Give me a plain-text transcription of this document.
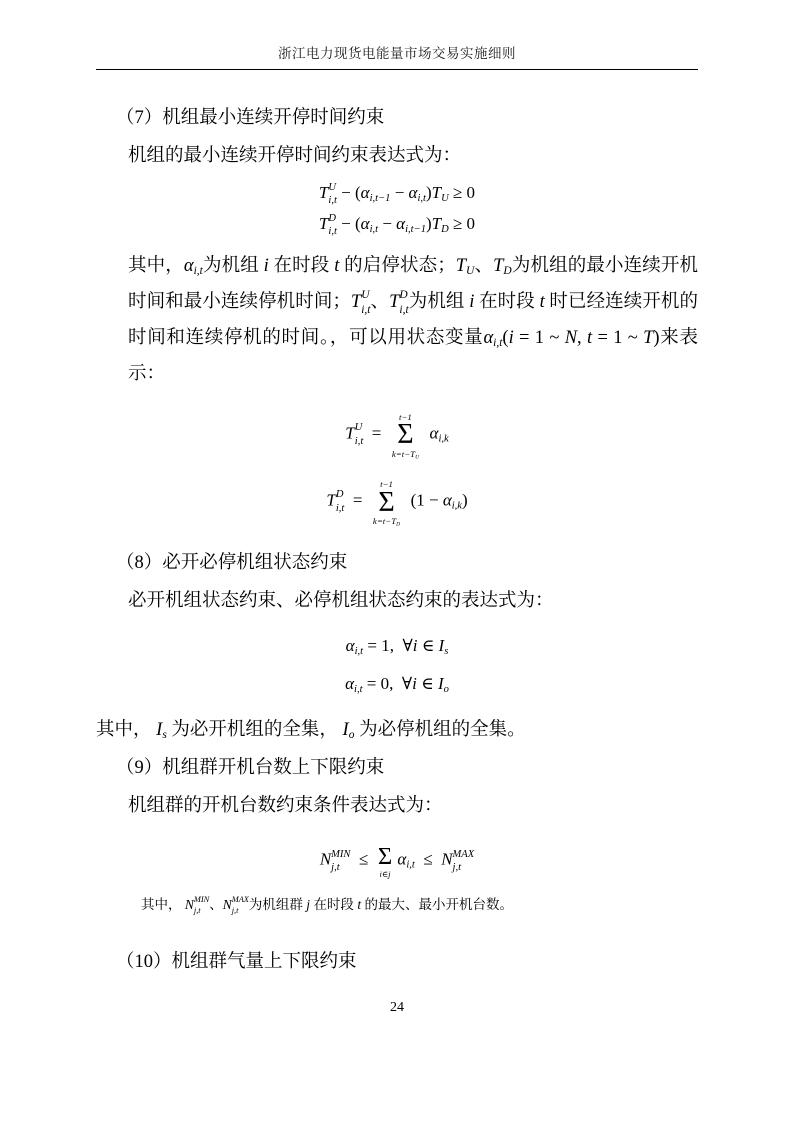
浙江电力现货电能量市场交易实施细则

（7）机组最小连续开停时间约束

机组的最小连续开停时间约束表达式为：

T U
$i,t - (\alpha_{i,t-1} - \alpha_{i,t})T_U \ge 0$
T D
$i,t - (\alpha_{i,t} - \alpha_{i,t-1})T_D \ge 0$

其中，$\alpha_{i,t}$为机组 i 在时段 t 的启停状态；$T_U$、$T_D$为机组的最小连续开机时间和最小连续停机时间；T U
i,t 、T D
i,t 为机组 i 在时段 t 时已经连续开机的时间和连续停机的时间。，可以用状态变量$\alpha_{i,t}(i = 1$ ~ N, t = 1 ~ T)来表示：

T U
i,t =
t−1
Σ
$k=t-T_U$
$\alpha_{i,k}$
T D
i,t =
t−1
Σ
$k=t-T_D$
$(1 - \alpha_{i,k})$

（8）必开必停机组状态约束

必开机组状态约束、必停机组状态约束的表达式为：

$\alpha_{i,t} = 1$,  ∀i ∈ $I_s$
$\alpha_{i,t} = 0$,  ∀i ∈ $I_o$

其中， $I_s$ 为必开机组的全集， $I_o$ 为必停机组的全集。

（9）机组群开机台数上下限约束

机组群的开机台数约束条件表达式为：

N MIN
j,t ≤ Σ
i∈j
$\alpha_{i,t} \le N$ MAX
j,t

其中， N MIN
j,t 、N MAX
j,t 为机组群 j 在时段 t 的最大、最小开机台数。

（10）机组群气量上下限约束

24
